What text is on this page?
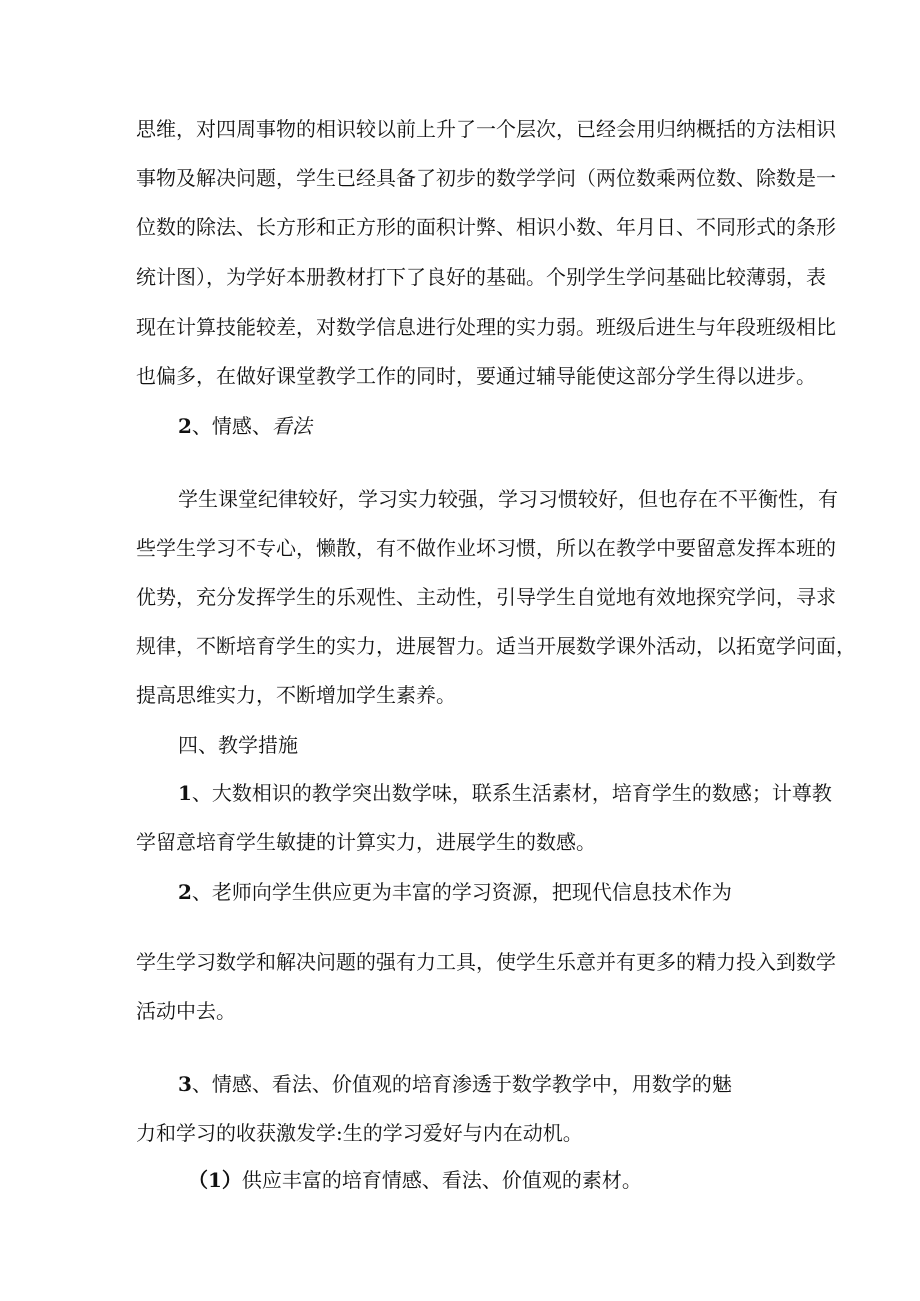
思维，对四周事物的相识较以前上升了一个层次，已经会用归纳概括的方法相识
事物及解决问题，学生已经具备了初步的数学学问（两位数乘两位数、除数是一
位数的除法、长方形和正方形的面积计弊、相识小数、年月日、不同形式的条形
统计图），为学好本册教材打下了良好的基础。个别学生学问基础比较薄弱，表
现在计算技能较差，对数学信息进行处理的实力弱。班级后进生与年段班级相比
也偏多，在做好课堂教学工作的同时，要通过辅导能使这部分学生得以进步。
2、情感、看法
学生课堂纪律较好，学习实力较强，学习习惯较好，但也存在不平衡性，有
些学生学习不专心，懒散，有不做作业坏习惯，所以在教学中要留意发挥本班的
优势，充分发挥学生的乐观性、主动性，引导学生自觉地有效地探究学问，寻求
规律，不断培育学生的实力，进展智力。适当开展数学课外活动，以拓宽学问面，
提高思维实力，不断增加学生素养。
四、教学措施
1、大数相识的教学突出数学味，联系生活素材，培育学生的数感；计尊教
学留意培育学生敏捷的计算实力，进展学生的数感。
2、老师向学生供应更为丰富的学习资源，把现代信息技术作为
学生学习数学和解决问题的强有力工具，使学生乐意并有更多的精力投入到数学
活动中去。
3、情感、看法、价值观的培育渗透于数学教学中，用数学的魅
力和学习的收获激发学:生的学习爱好与内在动机。
（1）供应丰富的培育情感、看法、价值观的素材。
